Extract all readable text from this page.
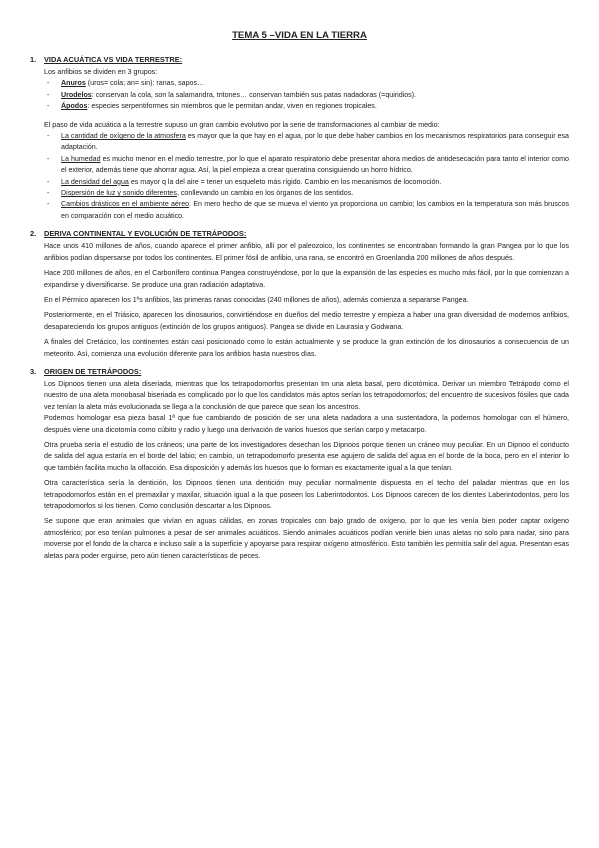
TEMA 5 –VIDA EN LA TIERRA
1.	VIDA ACUÁTICA VS VIDA TERRESTRE:

Los anfibios se dividen en 3 grupos:

-	Anuros (uros= cola; an= sin): ranas, sapos…
-	Urodelos: conservan la cola, son la salamandra, tritones… conservan también sus patas nadadoras (=quiridios).
-	Ápodos: especies serpentiformes sin miembros que le permitan andar, viven en regiones tropicales.

El paso de vida acuática a la terrestre supuso un gran cambio evolutivo por la serie de transformaciones al cambiar de medio:

-	La cantidad de oxígeno de la atmosfera es mayor que la que hay en el agua, por lo que debe haber cambios en los mecanismos respiratorios para conseguir esa adaptación.
-	La humedad es mucho menor en el medio terrestre, por lo que el aparato respiratorio debe presentar ahora medios de antidesecación para tanto el interior como el exterior, además tiene que ahorrar agua. Así, la piel empieza a crear queratina consiguiendo un horro hídrico.
-	La densidad del agua es mayor q la del aire = tener un esqueleto más rígido. Cambio en los mecanismos de locomoción.
-	Dispersión de luz y sonido diferentes, conllevando un cambio en los órganos de los sentidos.
-	Cambios drásticos en el ambiente aéreo. En mero hecho de que se mueva el viento ya proporciona un cambio; los cambios en la temperatura son más bruscos en comparación con el medio acuático.
2.	DERIVA CONTINENTAL Y EVOLUCIÓN DE TETRÁPODOS:

Hace unos 410 millones de años, cuando aparece el primer anfibio, allí por el paleozoico, los continentes se encontraban formando la gran Pangea por lo que los anfibios podían dispersarse por todos los continentes. El primer fósil de anfibio, una rana, se encontró en Groenlandia 200 millones de años después.

Hace 200 millones de años, en el Carbonífero continua Pangea construyéndose, por lo que la expansión de las especies es mucho más fácil, por lo que comienzan a expandirse y diversificarse. Se produce una gran radiación adaptativa.

En el Pérmico aparecen los 1ºs anfibios, las primeras ranas conocidas (240 millones de años), además comienza a separarse Pangea.

Posteriormente, en el Triásico, aparecen los dinosaurios, convirtiéndose en dueños del medio terrestre y empieza a haber una gran diversidad de modernos anfibios, desapareciendo los grupos antiguos (extinción de los grupos antiguos). Pangea se divide en Laurasia y Godwana.

A finales del Cretácico, los continentes están casi posicionado como lo están actualmente y se produce la gran extinción de los dinosaurios a consecuencia de un meteorito. Así, comienza una evolución diferente para los anfibios hasta nuestros días.

3.	ORIGEN DE TETRÁPODOS:

Los Dipnoos tienen una aleta diseriada, mientras que los tetrapodomorfos presentan tm una aleta basal, pero dicotómica. Derivar un miembro Tetrápodo como el nuestro de una aleta monobasal biseriada es complicado por lo que los candidatos más aptos serían los tetrapodomorfos; del encuentro de sucesivos fósiles que cada vez tenían la aleta más evolucionada se llega a la conclusión de que parece que sean los ancestros.

Podemos homologar esa pieza basal 1ª que fue cambiando de posición de ser una aleta nadadora a una sustentadora, la podemos homologar con el húmero, después viene una dicotomía como cúbito y radio y luego una derivación de varios huesos que serían carpo y metacarpo.

Otra prueba sería el estudio de los cráneos; una parte de los investigadores desechan los Dipnoos porque tienen un cráneo muy peculiar. En un Dipnoo el conducto de salida del agua estaría en el borde del labio; en cambio, un tetrapodomorfo presenta ese agujero de salida del agua en el borde de la boca, pero en el interior lo que también facilita mucho la olfacción. Esa disposición y además los huesos que lo forman es exactamente igual a la que tenían.

Otra característica sería la dentición, los Dipnoos tienen una dentición muy peculiar normalmente dispuesta en el techo del paladar mientras que en los tetrapodomorfos están en el premaxilar y maxilar, situación igual a la que poseen los Laberintodontos. Los Dipnoos carecen de los dientes Laberintodontos, pero los tetrapodomorfos si los tienen. Como conclusión descartar a los Dipnoos.

Se supone que eran animales que vivían en aguas cálidas, en zonas tropicales con bajo grado de oxígeno, por lo que les venía bien poder captar oxígeno atmosférico; por eso tenían pulmones a pesar de ser animales acuáticos. Siendo animales acuáticos podían venirle bien unas aletas no solo para nadar, sino para moverse por el fondo de la charca e incluso salir a la superficie y apoyarse para respirar oxígeno atmosférico. Esto también les permitía salir del agua. Presentan esas aletas para poder erguirse, pero aún tienen características de peces.
